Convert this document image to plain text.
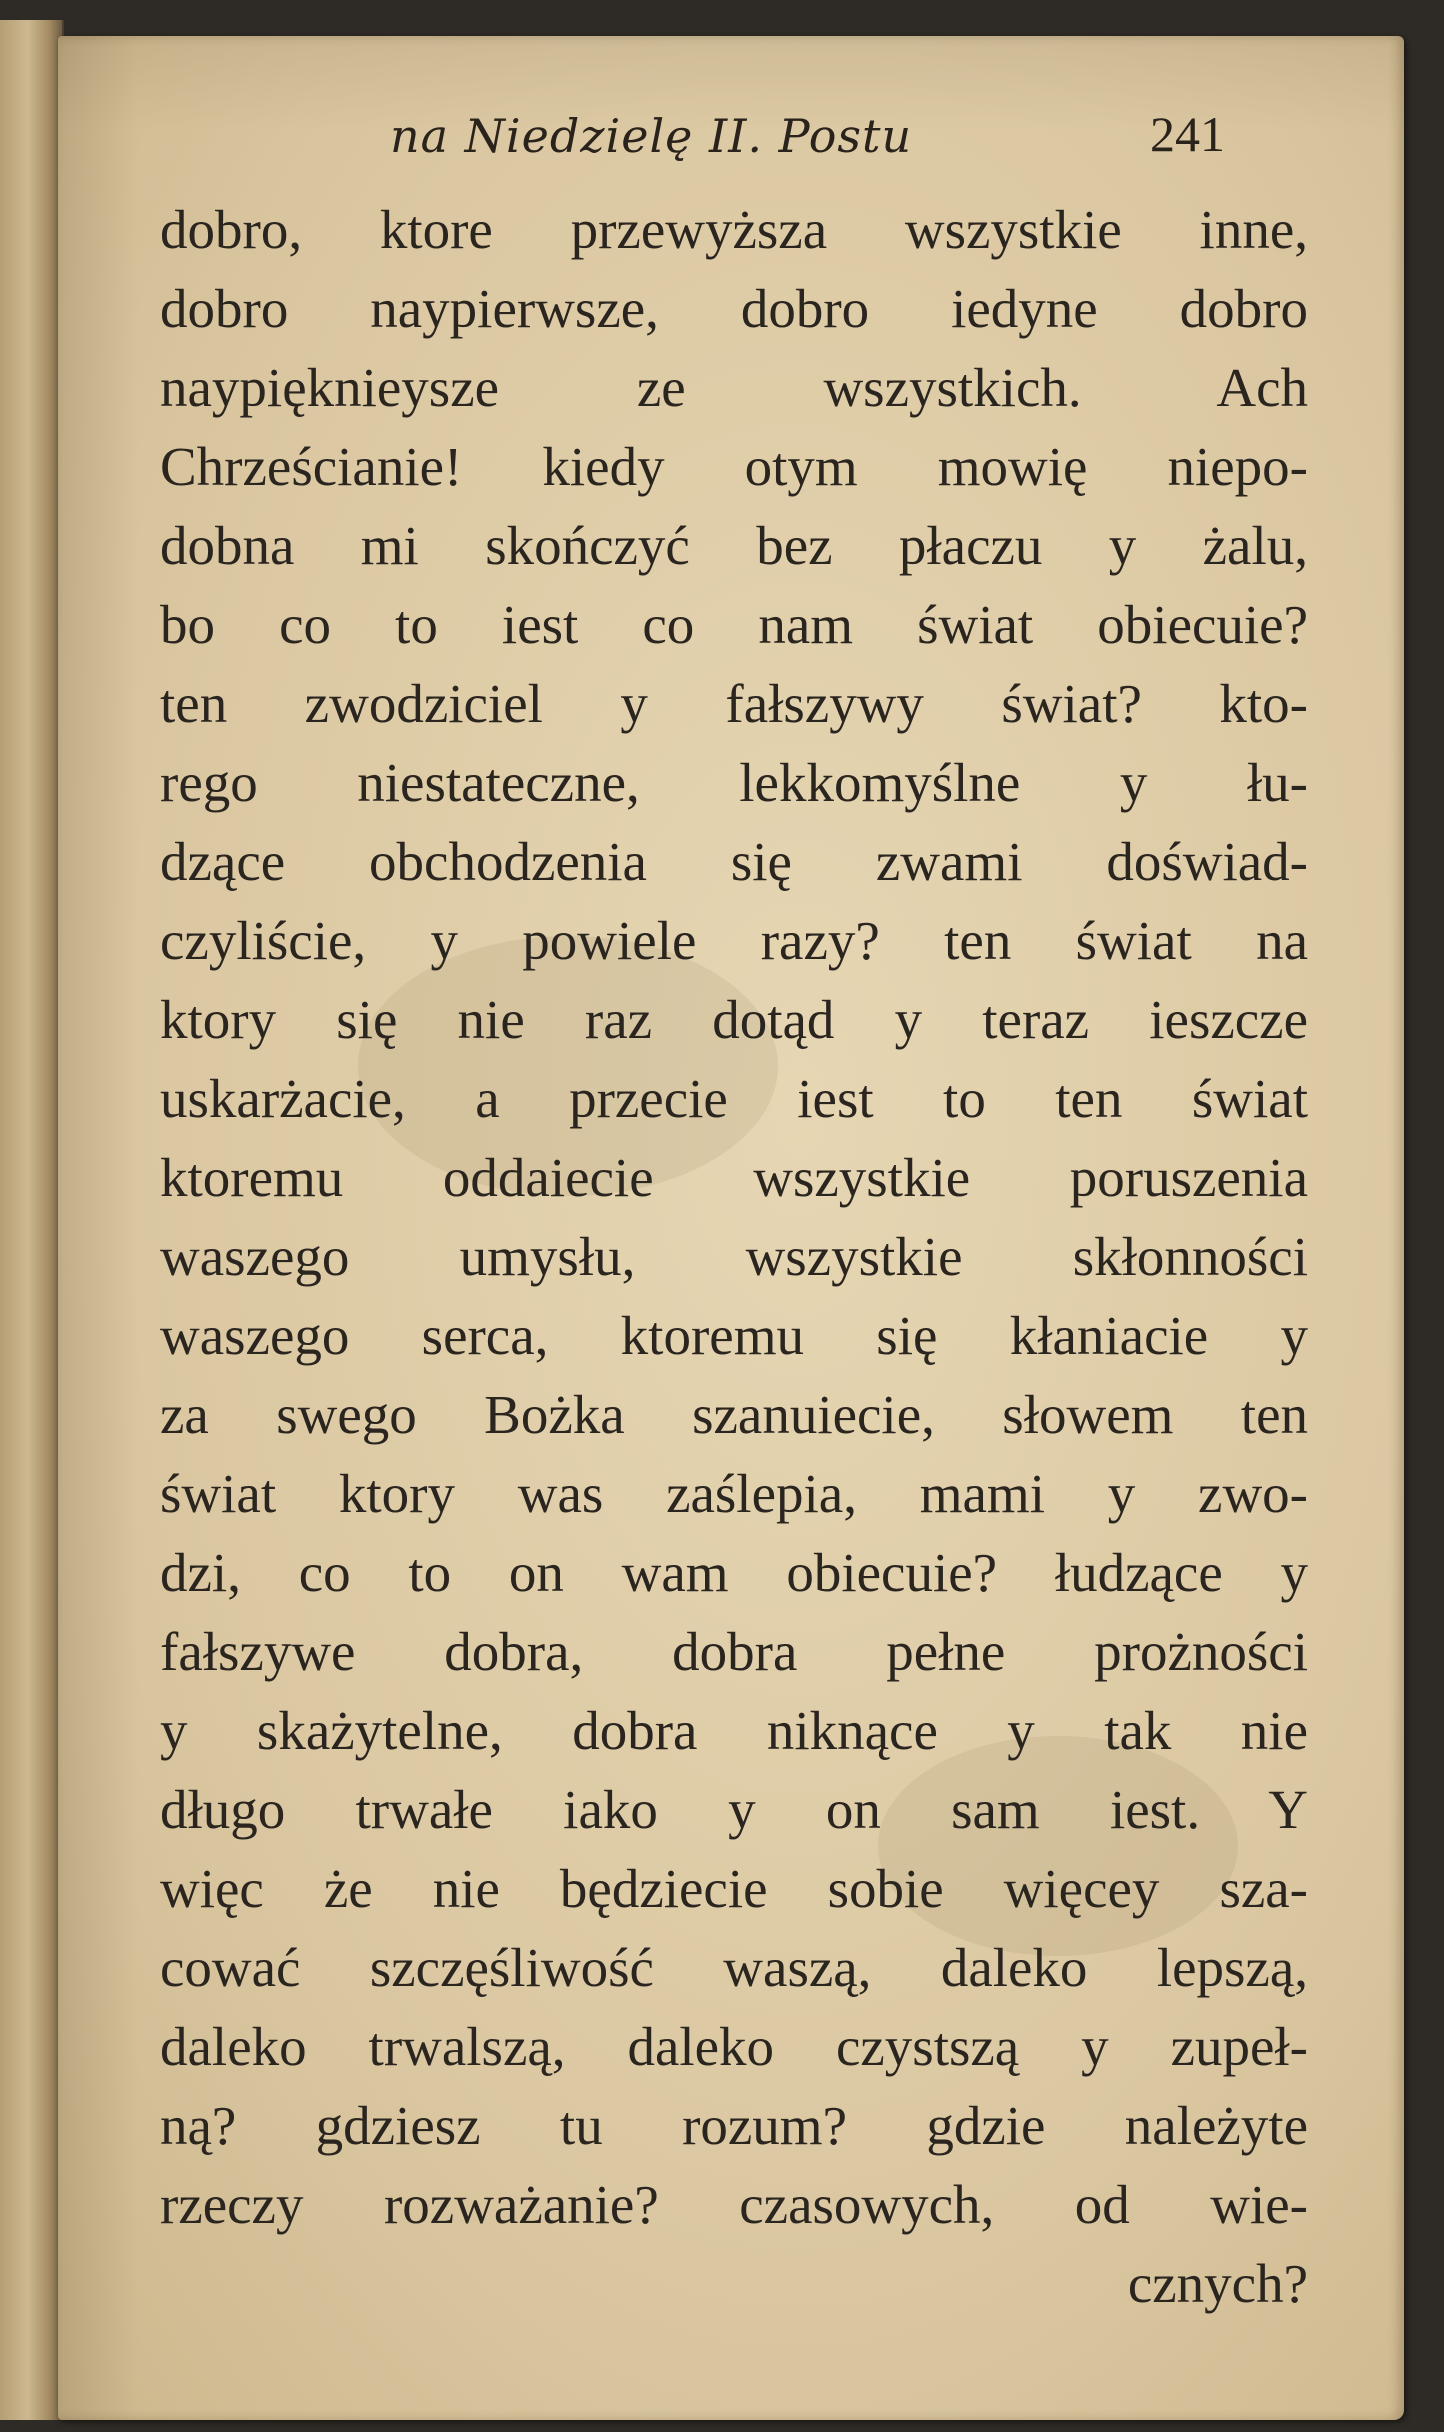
na Niedzielę II. Postu	241
dobro, ktore przewyższa wszystkie inne,
dobro naypierwsze, dobro iedyne dobro
naypięknieysze ze wszystkich. Ach
Chrześcianie! kiedy otym mowię niepo-
dobna mi skończyć bez płaczu y żalu,
bo co to iest co nam świat obiecuie?
ten zwodziciel y fałszywy świat? kto-
rego niestateczne, lekkomyślne y łu-
dzące obchodzenia się zwami doświad-
czyliście, y powiele razy? ten świat na
ktory się nie raz dotąd y teraz ieszcze
uskarżacie, a przecie iest to ten świat
ktoremu oddaiecie wszystkie poruszenia
waszego umysłu, wszystkie skłonności
waszego serca, ktoremu się kłaniacie y
za swego Bożka szanuiecie, słowem ten
świat ktory was zaślepia, mami y zwo-
dzi, co to on wam obiecuie? łudzące y
fałszywe dobra, dobra pełne prożności
y skażytelne, dobra niknące y tak nie
długo trwałe iako y on sam iest. Y
więc że nie będziecie sobie więcey sza-
cować szczęśliwość waszą, daleko lepszą,
daleko trwalszą, daleko czystszą y zupeł-
ną? gdziesz tu rozum? gdzie należyte
rzeczy rozważanie? czasowych, od wie-
cznych?
